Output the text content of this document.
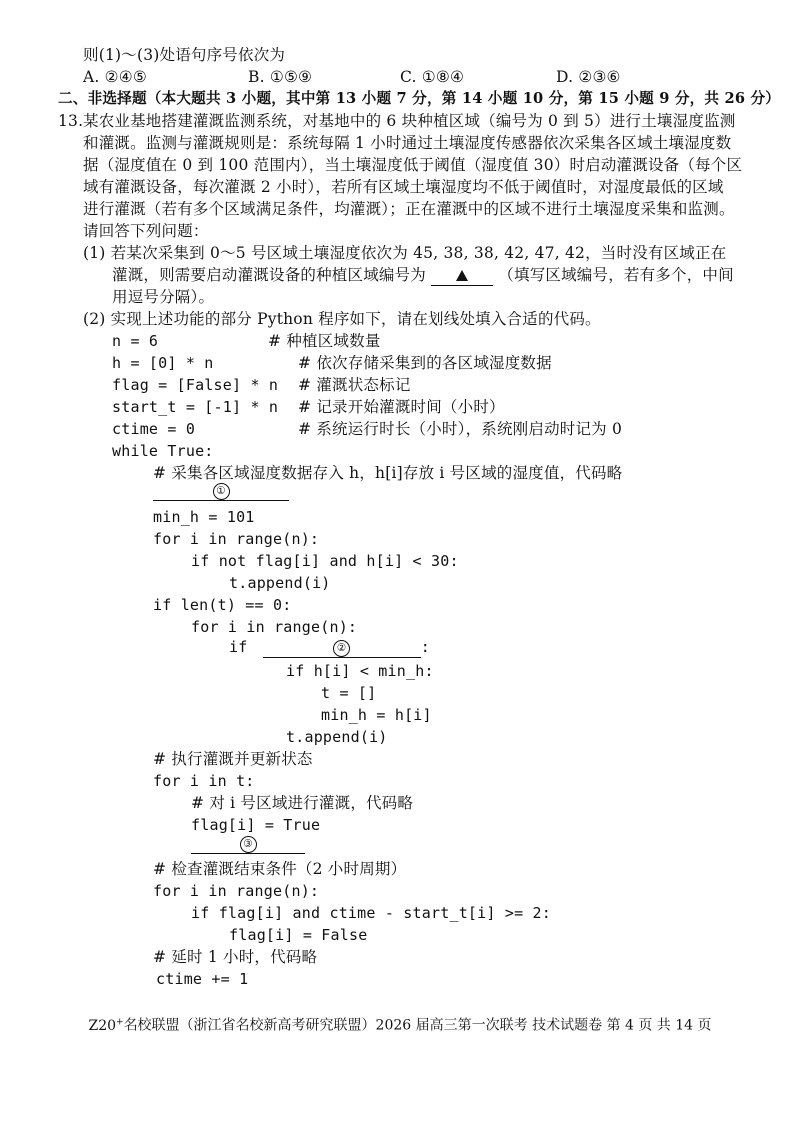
则(1)～(3)处语句序号依次为
A. ②④⑤	B. ①⑤⑨	C. ①⑧④	D. ②③⑥
二、非选择题（本大题共 3 小题，其中第 13 小题 7 分，第 14 小题 10 分，第 15 小题 9 分，共 26 分）
13. 某农业基地搭建灌溉监测系统，对基地中的 6 块种植区域（编号为 0 到 5）进行土壤湿度监测
和灌溉。监测与灌溉规则是：系统每隔 1 小时通过土壤湿度传感器依次采集各区域土壤湿度数
据（湿度值在 0 到 100 范围内），当土壤湿度低于阈值（湿度值 30）时启动灌溉设备（每个区
域有灌溉设备，每次灌溉 2 小时），若所有区域土壤湿度均不低于阈值时，对湿度最低的区域
进行灌溉（若有多个区域满足条件，均灌溉）；正在灌溉中的区域不进行土壤湿度采集和监测。
请回答下列问题：
(1) 若某次采集到 0～5 号区域土壤湿度依次为 45, 38, 38, 42, 47, 42，当时没有区域正在
灌溉，则需要启动灌溉设备的种植区域编号为	（填写区域编号，若有多个，中间
用逗号分隔）。
(2) 实现上述功能的部分 Python 程序如下，请在划线处填入合适的代码。
n = 6	# 种植区域数量
h = [0] * n	# 依次存储采集到的各区域湿度数据
flag = [False] * n # 灌溉状态标记
start_t = [-1] * n # 记录开始灌溉时间（小时）
ctime = 0	# 系统运行时长（小时），系统刚启动时记为 0
while True:
# 采集各区域湿度数据存入 h，h[i]存放 i 号区域的湿度值，代码略
①
min_h = 101
for i in range(n):
if not flag[i] and h[i] < 30:
t.append(i)
if len(t) == 0:
for i in range(n):
if	②	:
if h[i] < min_h:
t = []
min_h = h[i]
t.append(i)
# 执行灌溉并更新状态
for i in t:
# 对 i 号区域进行灌溉，代码略
flag[i] = True
③
# 检查灌溉结束条件（2 小时周期）
for i in range(n):
if flag[i] and ctime - start_t[i] >= 2:
flag[i] = False
# 延时 1 小时，代码略
ctime += 1
Z20+名校联盟（浙江省名校新高考研究联盟）2026 届高三第一次联考 技术试题卷 第 4 页 共 14 页
